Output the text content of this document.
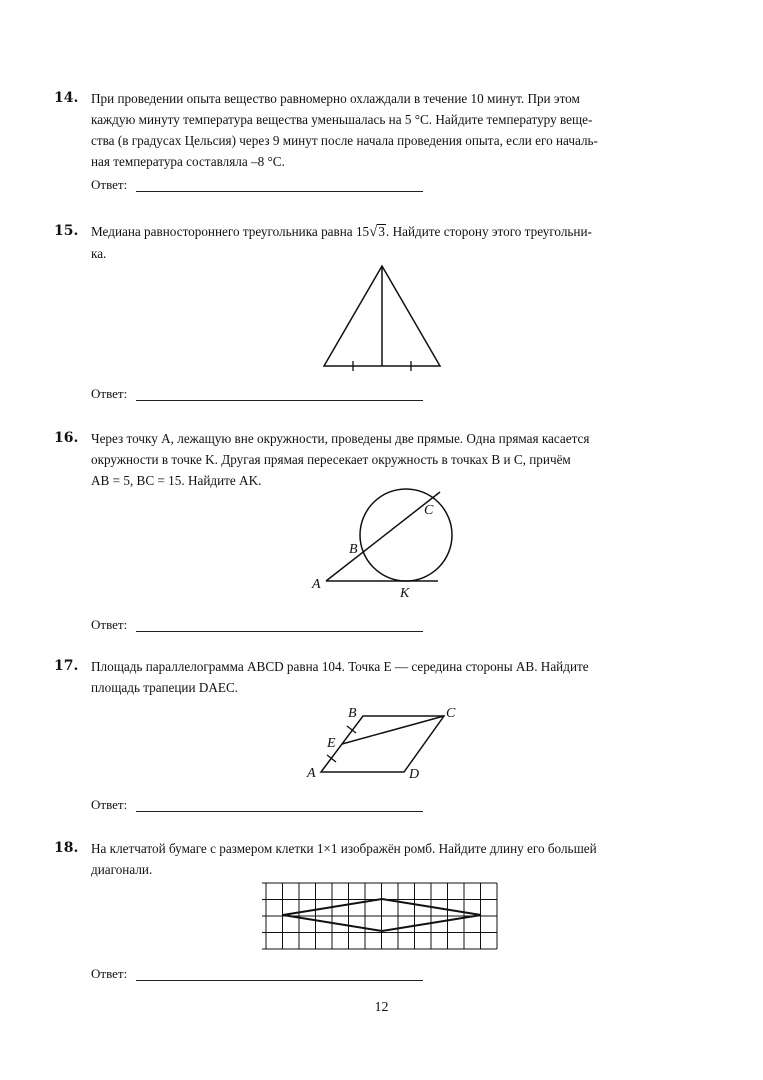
14. При проведении опыта вещество равномерно охлаждали в течение 10 минут. При этом

каждую минуту температура вещества уменьшалась на 5 °C. Найдите температуру веще-

ства (в градусах Цельсия) через 9 минут после начала проведения опыта, если его началь-

ная температура составляла –8 °C.

Ответ:
15. Медиана равностороннего треугольника равна 15√3. Найдите сторону этого треугольни-

ка.

Ответ:
16. Через точку A, лежащую вне окружности, проведены две прямые. Одна прямая касается

окружности в точке K. Другая прямая пересекает окружность в точках B и C, причём

AB = 5, BC = 15. Найдите AK.

A
B
C
K
Ответ:
17. Площадь параллелограмма ABCD равна 104. Точка E — середина стороны AB. Найдите

площадь трапеции DAEC.

A
B	C
D
E
Ответ:
18. На клетчатой бумаге с размером клетки 1×1 изображён ромб. Найдите длину его большей

диагонали.

Ответ:
12
